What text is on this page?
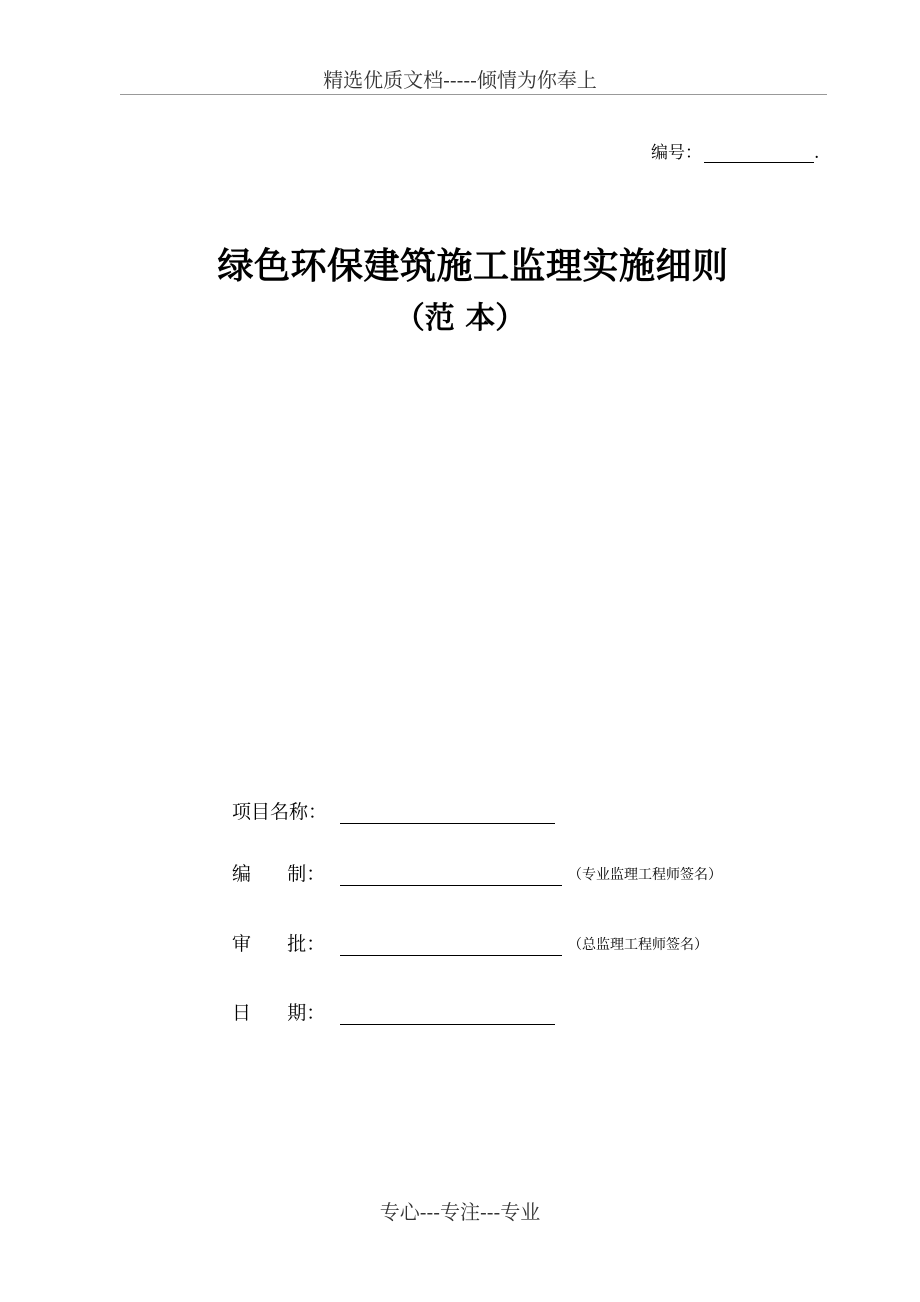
精选优质文档-----倾情为你奉上
编号：	.
绿色环保建筑施工监理实施细则
（范 本）
项目名称：
编      制：	（专业监理工程师签名）
审      批：	（总监理工程师签名）
日      期：
专心---专注---专业
